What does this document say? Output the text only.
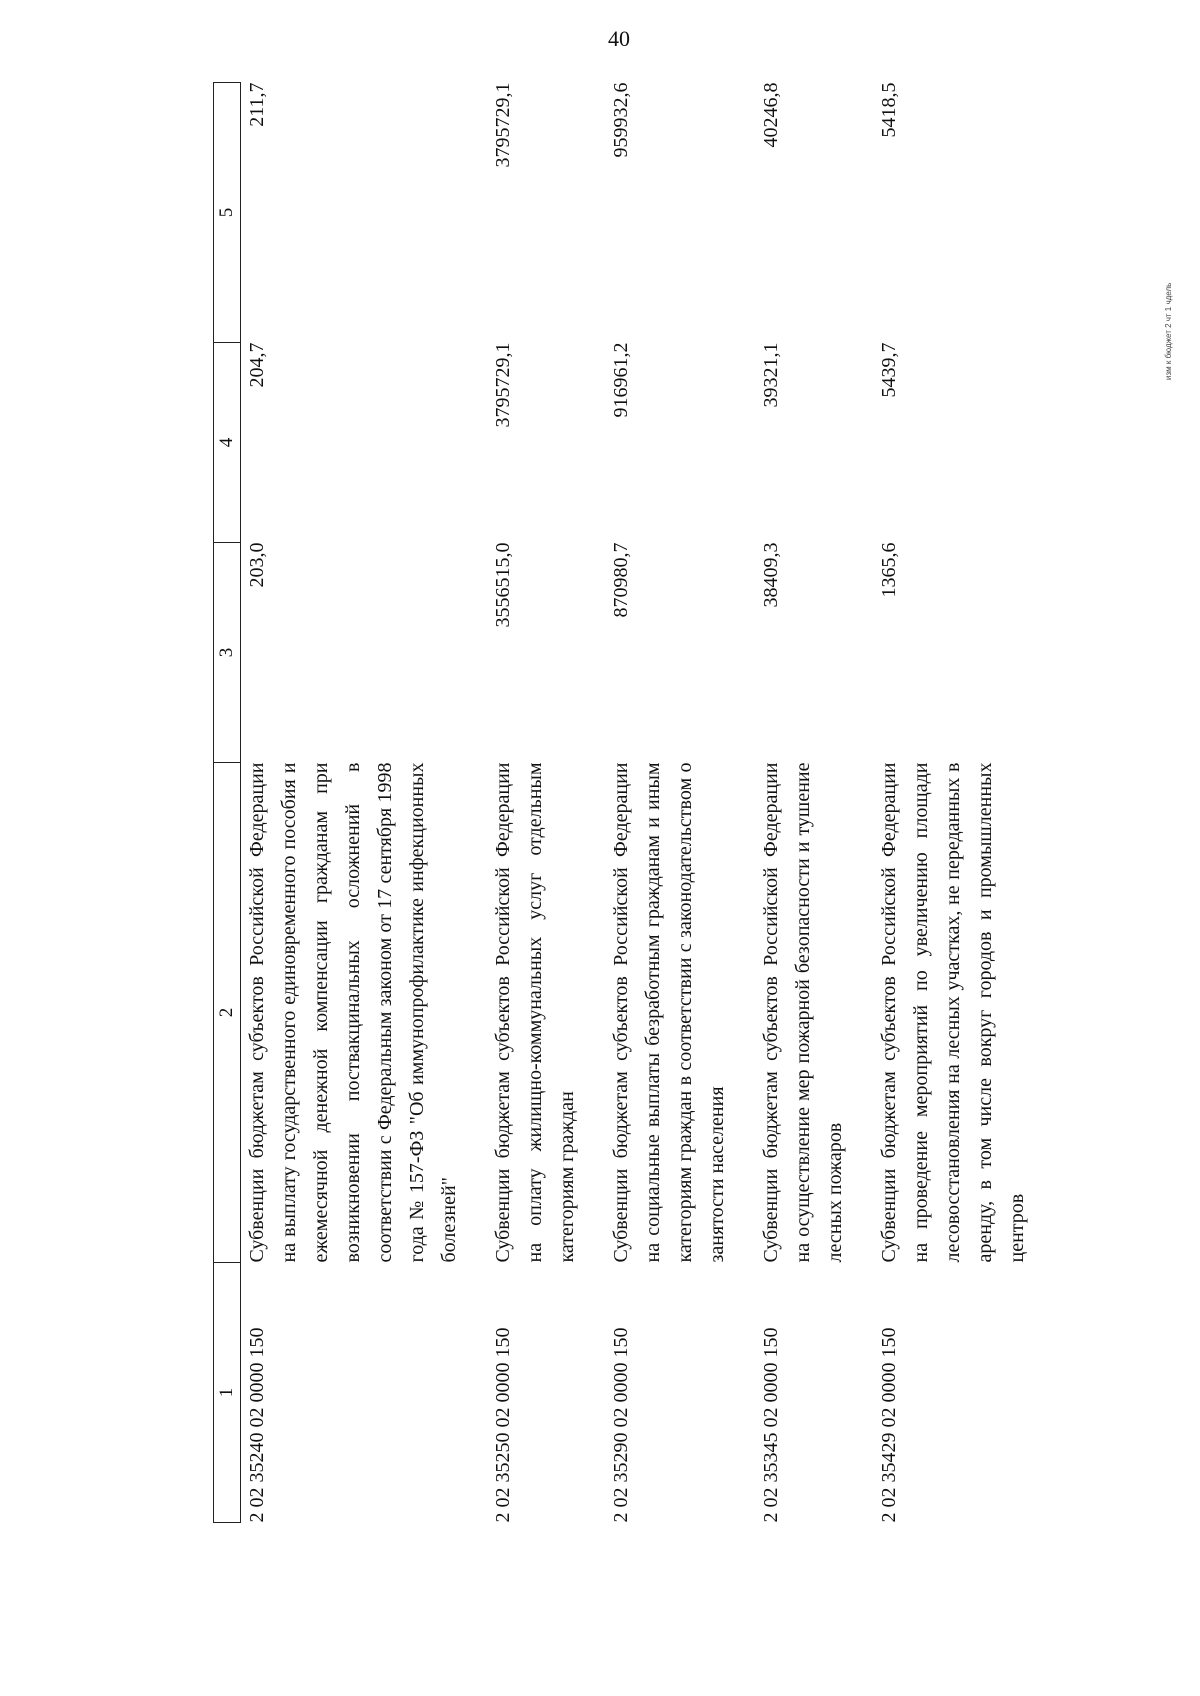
40
1	2	3	4	5
2 02 35240 02 0000 150	Субвенции бюджетам субъектов Российской Федерации на выплату государственного единовременного пособия и ежемесячной денежной компенсации гражданам при возникновении поствакцинальных осложнений в соответствии с Федеральным законом от 17 сентября 1998 года № 157-ФЗ "Об иммунопрофилактике инфекционных болезней"	203,0	204,7	211,7
2 02 35250 02 0000 150	Субвенции бюджетам субъектов Российской Федерации на оплату жилищно-коммунальных услуг отдельным категориям граждан	3556515,0	3795729,1	3795729,1
2 02 35290 02 0000 150	Субвенции бюджетам субъектов Российской Федерации на социальные выплаты безработным гражданам и иным категориям граждан в соответствии с законодательством о занятости населения	870980,7	916961,2	959932,6
2 02 35345 02 0000 150	Субвенции бюджетам субъектов Российской Федерации на осуществление мер пожарной безопасности и тушение лесных пожаров	38409,3	39321,1	40246,8
2 02 35429 02 0000 150	Субвенции бюджетам субъектов Российской Федерации на проведение мероприятий по увеличению площади лесовосстановления на лесных участках, не переданных в аренду, в том числе вокруг городов и промышленных центров	1365,6	5439,7	5418,5
изм к бюджет 2 чт 1 чдель
